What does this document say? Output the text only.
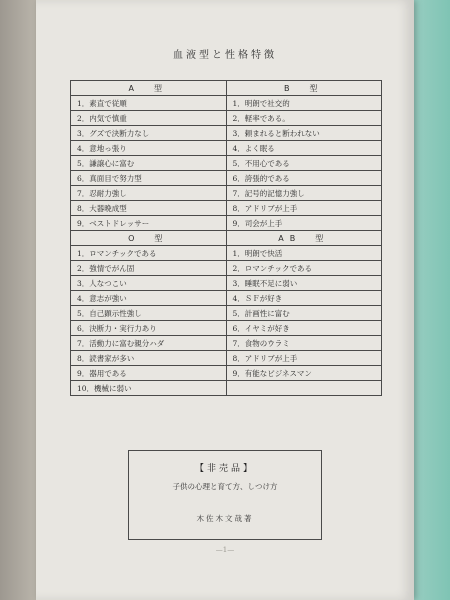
血液型と性格特徴
A　型	B　型
1．素直で従順	1．明朗で社交的
2．内気で慎重	2．軽率である。
3．グズで決断力なし	3．頼まれると断われない
4．意地っ張り	4．よく眠る
5．謙譲心に富む	5．不用心である
6．真面目で努力型	6．誇張的である
7．忍耐力強し	7．記号的記憶力強し
8．大器晩成型	8．アドリブが上手
9．ベストドレッサー	9．司会が上手
O　型	AB　型
1．ロマンチックである	1．明朗で快活
2．強情でがん固	2．ロマンチックである
3．人なつこい	3．睡眠不足に弱い
4．意志が強い	4．ＳＦが好き
5．自己顕示性強し	5．計画性に富む
6．決断力・実行力あり	6．イヤミが好き
7．活動力に富む親分ハダ	7．食物のウラミ
8．読書家が多い	8．アドリブが上手
9．器用である	9．有能なビジネスマン
10．機械に弱い	
【非売品】
子供の心理と育て方、しつけ方
木佐木文哉著
—1—
